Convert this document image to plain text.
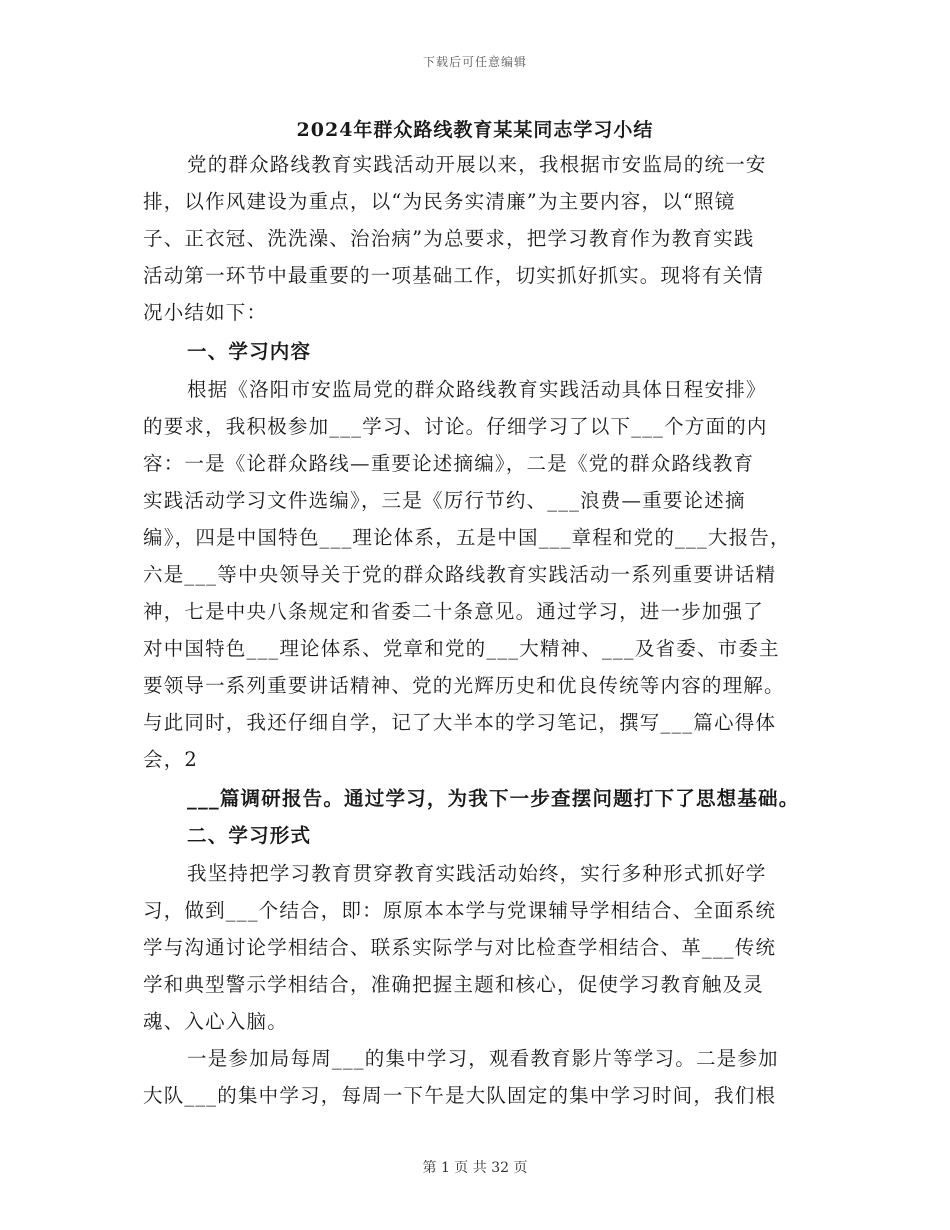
下载后可任意编辑
2024年群众路线教育某某同志学习小结
党的群众路线教育实践活动开展以来，我根据市安监局的统一安
排，以作风建设为重点，以“为民务实清廉”为主要内容，以“照镜
子、正衣冠、洗洗澡、治治病”为总要求，把学习教育作为教育实践
活动第一环节中最重要的一项基础工作，切实抓好抓实。现将有关情
况小结如下：
一、学习内容
根据《洛阳市安监局党的群众路线教育实践活动具体日程安排》
的要求，我积极参加___学习、讨论。仔细学习了以下___个方面的内
容：一是《论群众路线—重要论述摘编》，二是《党的群众路线教育
实践活动学习文件选编》，三是《厉行节约、___浪费—重要论述摘
编》，四是中国特色___理论体系，五是中国___章程和党的___大报告，
六是___等中央领导关于党的群众路线教育实践活动一系列重要讲话精
神，七是中央八条规定和省委二十条意见。通过学习，进一步加强了
对中国特色___理论体系、党章和党的___大精神、___及省委、市委主
要领导一系列重要讲话精神、党的光辉历史和优良传统等内容的理解。
与此同时，我还仔细自学，记了大半本的学习笔记，撰写___篇心得体
会，2
___篇调研报告。通过学习，为我下一步查摆问题打下了思想基础。
二、学习形式
我坚持把学习教育贯穿教育实践活动始终，实行多种形式抓好学
习，做到___个结合，即：原原本本学与党课辅导学相结合、全面系统
学与沟通讨论学相结合、联系实际学与对比检查学相结合、革___传统
学和典型警示学相结合，准确把握主题和核心，促使学习教育触及灵
魂、入心入脑。
一是参加局每周___的集中学习，观看教育影片等学习。二是参加
大队___的集中学习，每周一下午是大队固定的集中学习时间，我们根
第 1 页 共 32 页
